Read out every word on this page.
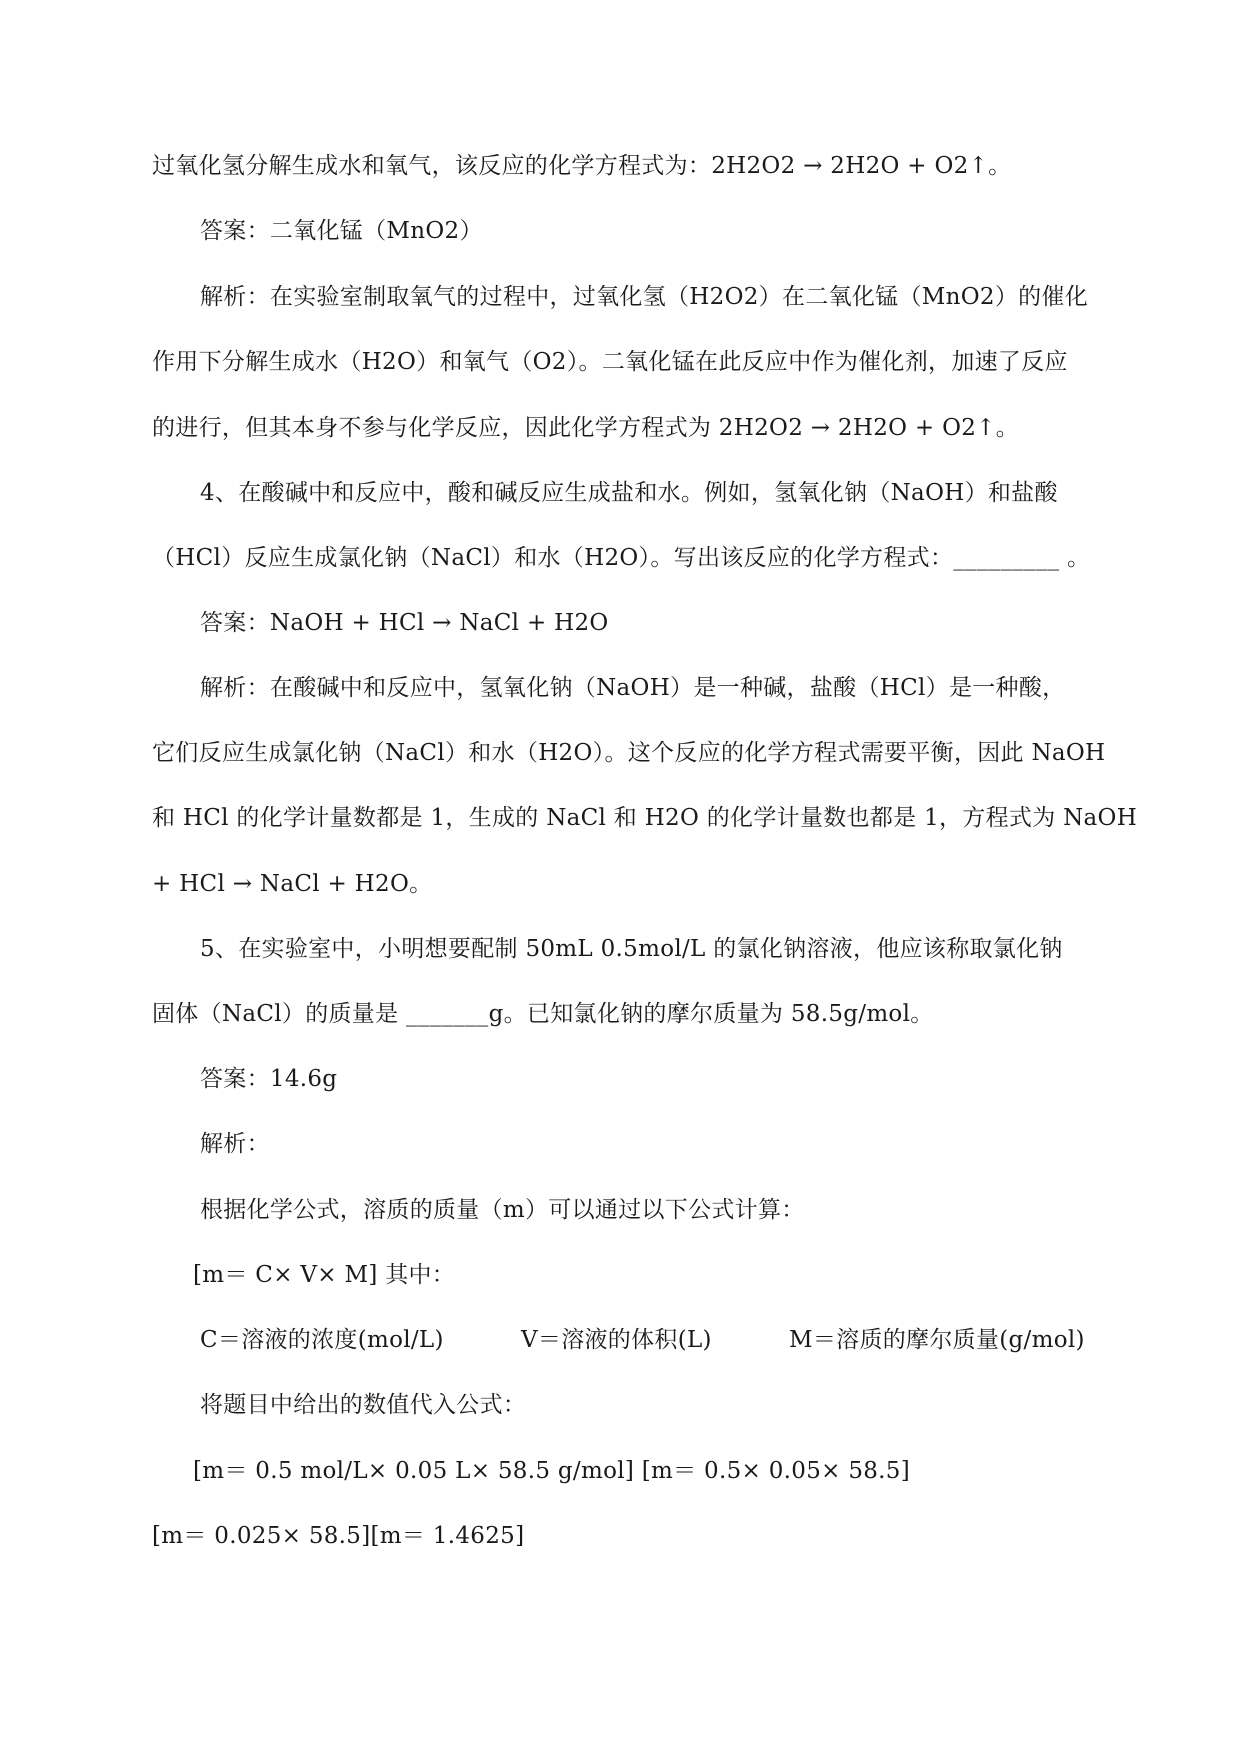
过氧化氢分解生成水和氧气，该反应的化学方程式为：2H2O2 → 2H2O + O2↑。
答案：二氧化锰（MnO2）
解析：在实验室制取氧气的过程中，过氧化氢（H2O2）在二氧化锰（MnO2）的催化
作用下分解生成水（H2O）和氧气（O2）。二氧化锰在此反应中作为催化剂，加速了反应
的进行，但其本身不参与化学反应，因此化学方程式为 2H2O2 → 2H2O + O2↑。
4、在酸碱中和反应中，酸和碱反应生成盐和水。例如，氢氧化钠（NaOH）和盐酸
（HCl）反应生成氯化钠（NaCl）和水（H2O）。写出该反应的化学方程式：_________ 。
答案：NaOH + HCl → NaCl + H2O
解析：在酸碱中和反应中，氢氧化钠（NaOH）是一种碱，盐酸（HCl）是一种酸，
它们反应生成氯化钠（NaCl）和水（H2O）。这个反应的化学方程式需要平衡，因此 NaOH
和 HCl 的化学计量数都是 1，生成的 NaCl 和 H2O 的化学计量数也都是 1，方程式为 NaOH
+ HCl → NaCl + H2O。
5、在实验室中，小明想要配制 50mL 0.5mol/L 的氯化钠溶液，他应该称取氯化钠
固体（NaCl）的质量是 _______g。已知氯化钠的摩尔质量为 58.5g/mol。
答案：14.6g
解析：
根据化学公式，溶质的质量（m）可以通过以下公式计算：
[m＝ C× V× M] 其中：
C＝溶液的浓度(mol/L)	V＝溶液的体积(L)	M＝溶质的摩尔质量(g/mol)
将题目中给出的数值代入公式：
[m＝ 0.5 mol/L× 0.05 L× 58.5 g/mol] [m＝ 0.5× 0.05× 58.5]
[m＝ 0.025× 58.5][m＝ 1.4625]
